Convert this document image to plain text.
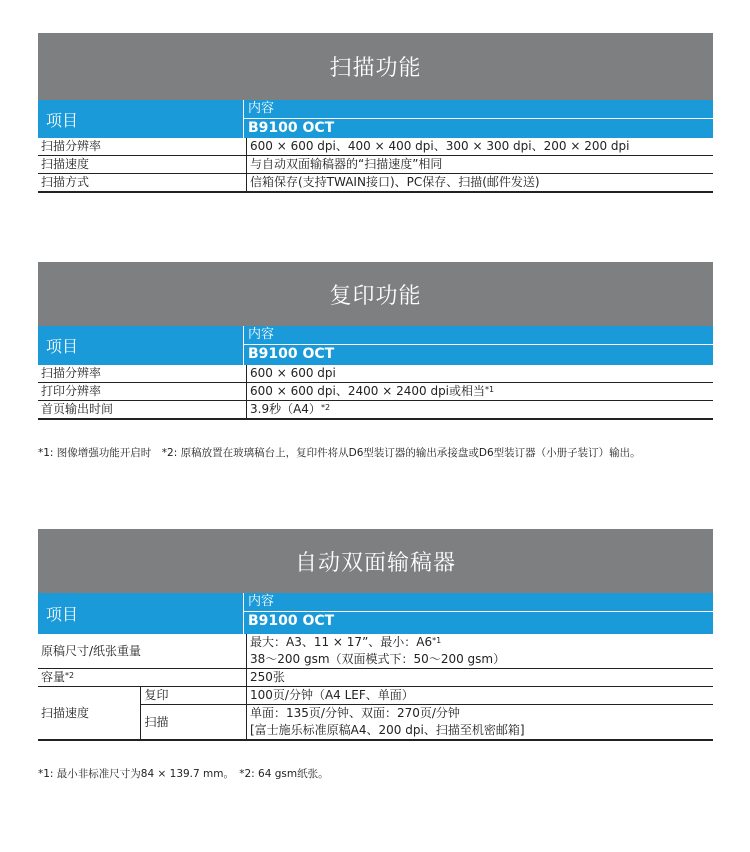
扫描功能
项目
内容
B9100 OCT
扫描分辨率	600 × 600 dpi、400 × 400 dpi、300 × 300 dpi、200 × 200 dpi
扫描速度	与自动双面输稿器的“扫描速度”相同
扫描方式	信箱保存(支持TWAIN接口)、PC保存、扫描(邮件发送)
复印功能
项目
内容
B9100 OCT
扫描分辨率	600 × 600 dpi
打印分辨率	600 × 600 dpi、2400 × 2400 dpi或相当$^{*1}$
首页输出时间	3.9秒$(A4)^{*2}$
*1: 图像增强功能开启时　*2: 原稿放置在玻璃稿台上，复印件将从D6型装订器的输出承接盘或D6型装订器（小册子装订）输出。
自动双面输稿器
项目
内容
B9100 OCT
原稿尺寸/纸张重量		最大：A3、11 × 17”、最小：A6$^{*1}$
38～200 gsm（双面模式下：50～200 gsm）

容量$^{*2}$		250张
扫描速度	复印	100页/分钟（A4 LEF、单面）
	扫描	单面：135页/分钟、双面：270页/分钟
[富士施乐标准原稿A4、200 dpi、扫描至机密邮箱]
*1: 最小非标准尺寸为84 × 139.7 mm。　*2: 64 gsm纸张。
